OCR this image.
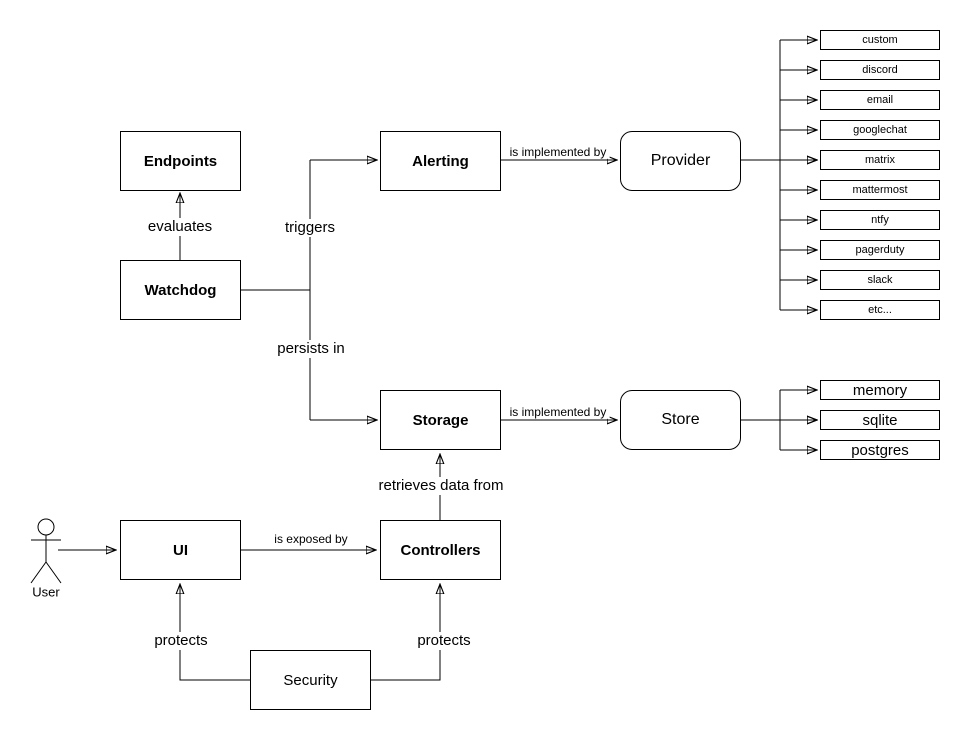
Endpoints
Watchdog
Alerting	Provider
Storage	Store
UI	Controllers
Security
custom
discord
email
googlechat
matrix
mattermost
ntfy
pagerduty
slack
etc...
memory
sqlite
postgres
evaluates	triggers
persists in
is implemented by
is implemented by
retrieves data from
is exposed by
protects	protects
User
